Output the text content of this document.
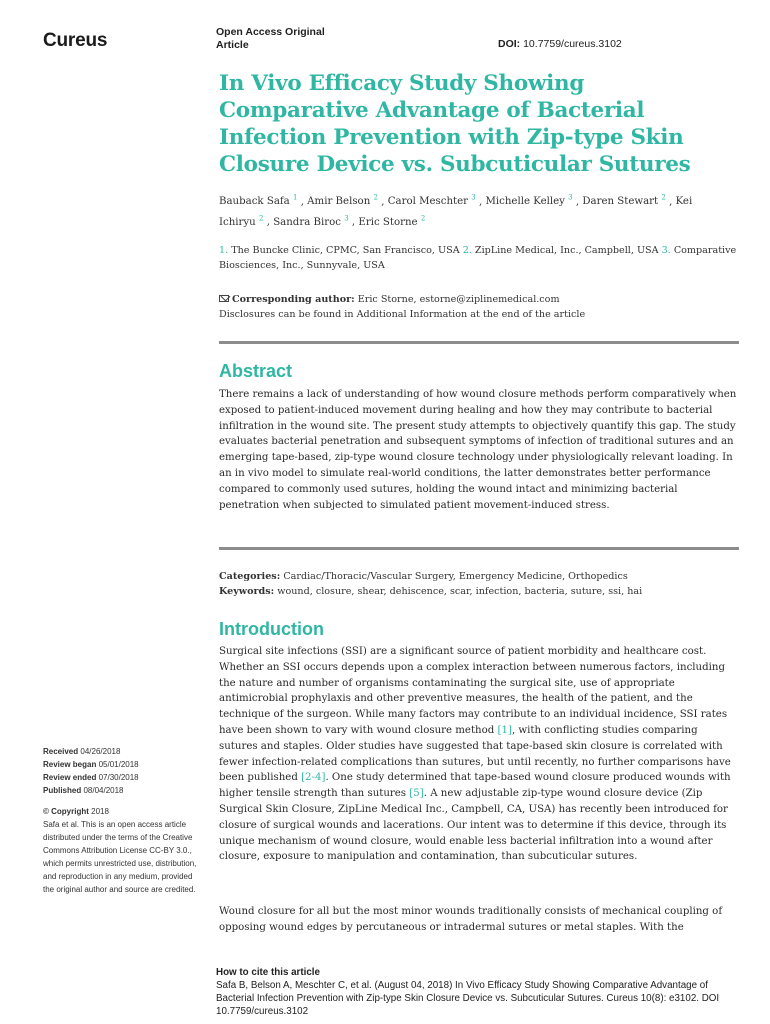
Cureus	Open Access Original Article	DOI: 10.7759/cureus.3102
In Vivo Efficacy Study Showing Comparative Advantage of Bacterial Infection Prevention with Zip-type Skin Closure Device vs. Subcuticular Sutures
Bauback Safa $^1$ , Amir Belson $^2$ , Carol Meschter $^3$ , Michelle Kelley $^3$ , Daren Stewart $^2$ , Kei Ichiryu $^2$ , Sandra Biroc $^3$ , Eric Storne $^2$
1. The Buncke Clinic, CPMC, San Francisco, USA 2. ZipLine Medical, Inc., Campbell, USA 3. Comparative Biosciences, Inc., Sunnyvale, USA
Corresponding author: Eric Storne, estorne@ziplinemedical.com
Disclosures can be found in Additional Information at the end of the article
Abstract

There remains a lack of understanding of how wound closure methods perform comparatively when exposed to patient-induced movement during healing and how they may contribute to bacterial infiltration in the wound site. The present study attempts to objectively quantify this gap. The study evaluates bacterial penetration and subsequent symptoms of infection of traditional sutures and an emerging tape-based, zip-type wound closure technology under physiologically relevant loading. In an in vivo model to simulate real-world conditions, the latter demonstrates better performance compared to commonly used sutures, holding the wound intact and minimizing bacterial penetration when subjected to simulated patient movement-induced stress.

Categories: Cardiac/Thoracic/Vascular Surgery, Emergency Medicine, Orthopedics
Keywords: wound, closure, shear, dehiscence, scar, infection, bacteria, suture, ssi, hai
Introduction

Surgical site infections (SSI) are a significant source of patient morbidity and healthcare cost. Whether an SSI occurs depends upon a complex interaction between numerous factors, including the nature and number of organisms contaminating the surgical site, use of appropriate antimicrobial prophylaxis and other preventive measures, the health of the patient, and the technique of the surgeon. While many factors may contribute to an individual incidence, SSI rates have been shown to vary with wound closure method [1], with conflicting studies comparing sutures and staples. Older studies have suggested that tape-based skin closure is correlated with fewer infection-related complications than sutures, but until recently, no further comparisons have been published [2-4]. One study determined that tape-based wound closure produced wounds with higher tensile strength than sutures [5]. A new adjustable zip-type wound closure device (Zip Surgical Skin Closure, ZipLine Medical Inc., Campbell, CA, USA) has recently been introduced for closure of surgical wounds and lacerations. Our intent was to determine if this device, through its unique mechanism of wound closure, would enable less bacterial infiltration into a wound after closure, exposure to manipulation and contamination, than subcuticular sutures.

Wound closure for all but the most minor wounds traditionally consists of mechanical coupling of opposing wound edges by percutaneous or intradermal sutures or metal staples. With the

Received 04/26/2018
Review began 05/01/2018
Review ended 07/30/2018
Published 08/04/2018
© Copyright 2018
Safa et al. This is an open access article distributed under the terms of the Creative Commons Attribution License CC-BY 3.0., which permits unrestricted use, distribution, and reproduction in any medium, provided the original author and source are credited.
How to cite this article
Safa B, Belson A, Meschter C, et al. (August 04, 2018) In Vivo Efficacy Study Showing Comparative Advantage of Bacterial Infection Prevention with Zip-type Skin Closure Device vs. Subcuticular Sutures. Cureus 10(8): e3102. DOI 10.7759/cureus.3102
